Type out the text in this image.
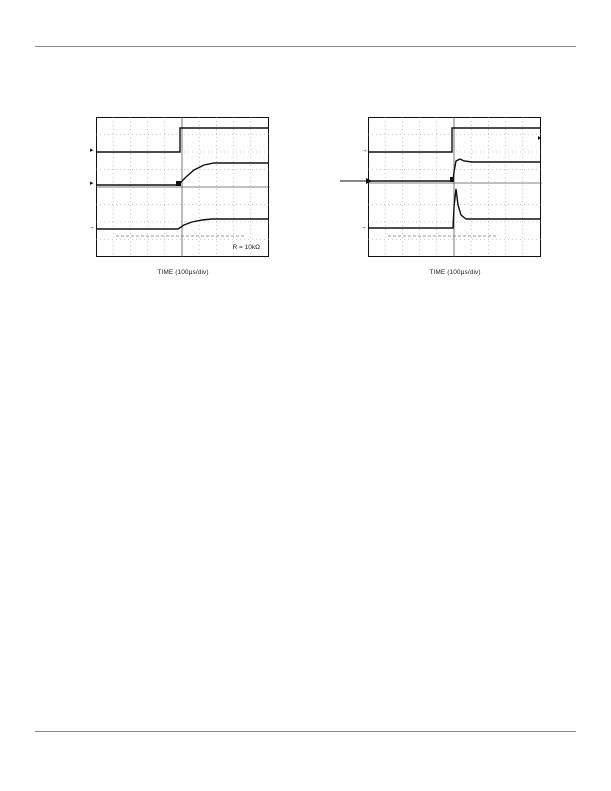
R = 10kΩ
▸
▸
→
TIME (100μs/div)
→
→
TIME (100μs/div)
